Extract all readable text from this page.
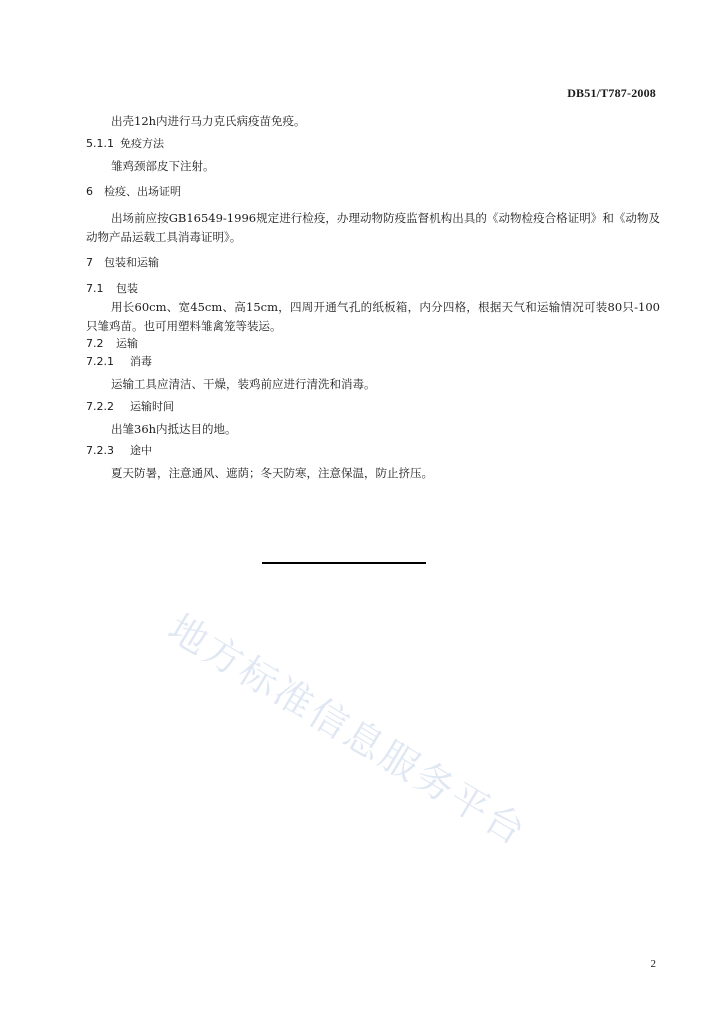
DB51/T787-2008

出壳12h内进行马力克氏病疫苗免疫。

5.1.1 免疫方法

雏鸡颈部皮下注射。

6 检疫、出场证明

出场前应按GB16549-1996规定进行检疫，办理动物防疫监督机构出具的《动物检疫合格证明》和《动物及动物产品运载工具消毒证明》。

7 包装和运输

7.1 包装

用长60cm、宽45cm、高15cm，四周开通气孔的纸板箱，内分四格，根据天气和运输情况可装80只-100只雏鸡苗。也可用塑料雏禽笼等装运。

7.2 运输

7.2.1 消毒

运输工具应清洁、干燥，装鸡前应进行清洗和消毒。

7.2.2 运输时间

出雏36h内抵达目的地。

7.2.3 途中

夏天防暑，注意通风、遮荫；冬天防寒，注意保温，防止挤压。

地方标准信息服务平台
2
